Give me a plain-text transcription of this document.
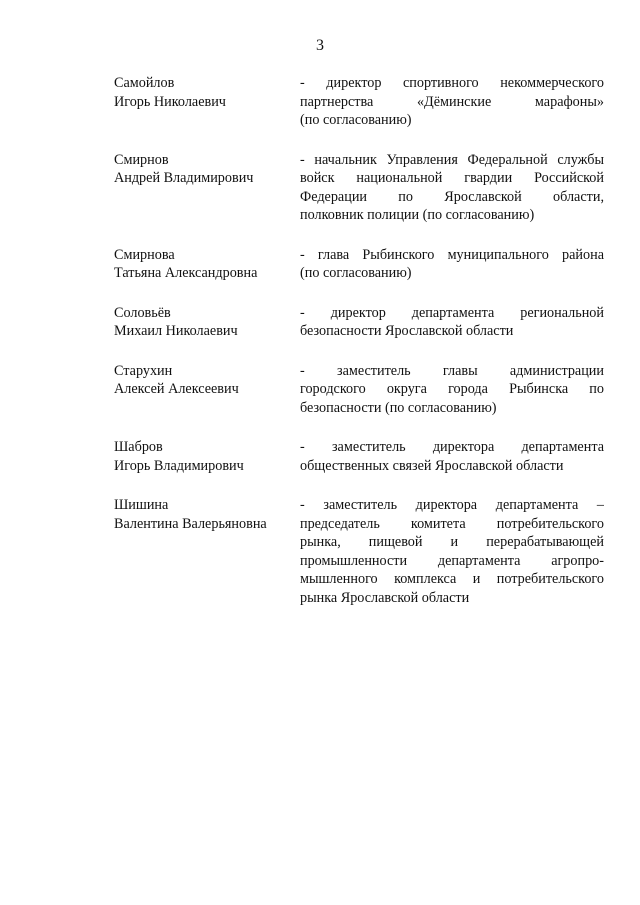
3
Самойлов
Игорь Николаевич
- директор спортивного некоммерческого
партнерства «Дёминские марафоны»
(по согласованию)
Смирнов
Андрей Владимирович
- начальник Управления Федеральной службы
войск национальной гвардии Российской
Федерации по Ярославской области,
полковник полиции (по согласованию)
Смирнова
Татьяна Александровна
- глава Рыбинского муниципального района
(по согласованию)
Соловьёв
Михаил Николаевич
- директор департамента региональной
безопасности Ярославской области
Старухин
Алексей Алексеевич
- заместитель главы администрации
городского округа города Рыбинска по
безопасности (по согласованию)
Шабров
Игорь Владимирович
- заместитель директора департамента
общественных связей Ярославской области
Шишина
Валентина Валерьяновна
- заместитель директора департамента –
председатель комитета потребительского
рынка, пищевой и перерабатывающей
промышленности департамента агропро-
мышленного комплекса и потребительского
рынка Ярославской области
